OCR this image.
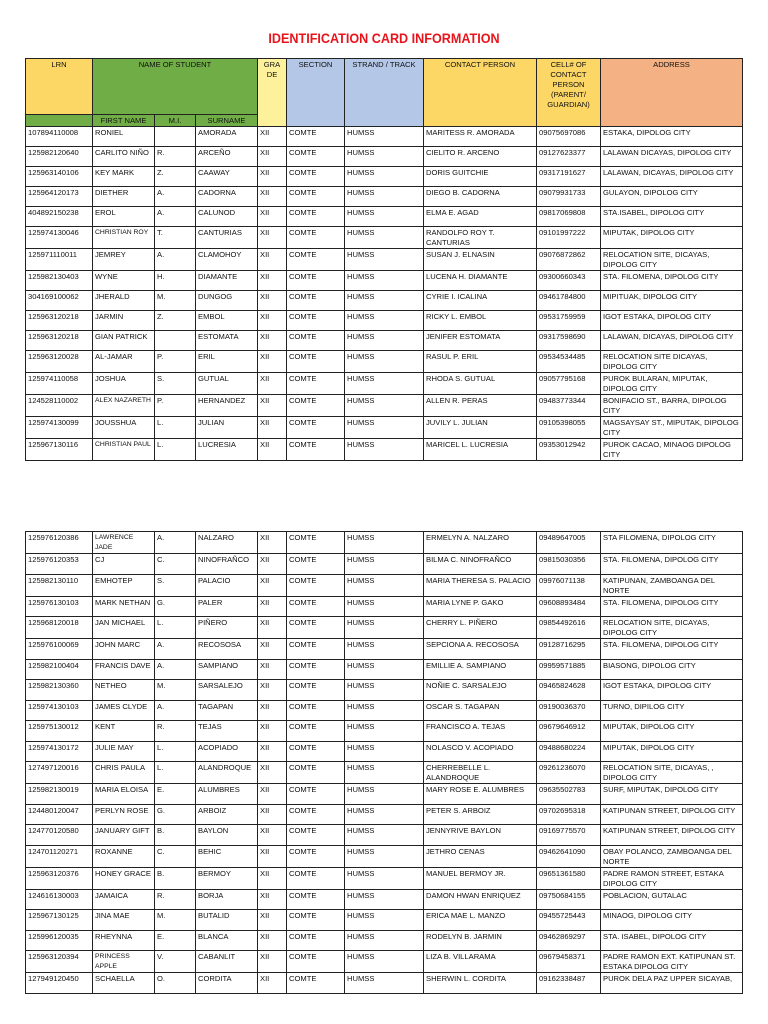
IDENTIFICATION CARD INFORMATION
LRN	NAME OF STUDENT			GRA DE	SECTION	STRAND / TRACK	CONTACT PERSON	CELL# OF CONTACT PERSON (PARENT/ GUARDIAN)	ADDRESS
	FIRST NAME	M.I.	SURNAME						
107894110008	RONIEL		AMORADA	XII	COMTE	HUMSS	MARITESS R. AMORADA	09075697086	ESTAKA, DIPOLOG CITY
125982120640	CARLITO NIÑO	R.	ARCEÑO	XII	COMTE	HUMSS	CIELITO R. ARCENO	09127623377	LALAWAN DICAYAS, DIPOLOG CITY
125963140106	KEY MARK	Z.	CAAWAY	XII	COMTE	HUMSS	DORIS GUITCHIE	09317191627	LALAWAN, DICAYAS, DIPOLOG CITY
125964120173	DIETHER	A.	CADORNA	XII	COMTE	HUMSS	DIEGO B. CADORNA	09079931733	GULAYON, DIPOLOG CITY
404892150238	EROL	A.	CALUNOD	XII	COMTE	HUMSS	ELMA E. AGAD	09817069808	STA.ISABEL, DIPOLOG CITY
125974130046	CHRISTIAN ROY	T.	CANTURIAS	XII	COMTE	HUMSS	RANDOLFO ROY T. CANTURIAS	09101997222	MIPUTAK, DIPOLOG CITY
125971110011	JEMREY	A.	CLAMOHOY	XII	COMTE	HUMSS	SUSAN J. ELNASIN	09076872862	RELOCATION SITE, DICAYAS, DIPOLOG CITY
125982130403	WYNE	H.	DIAMANTE	XII	COMTE	HUMSS	LUCENA H. DIAMANTE	09300660343	STA. FILOMENA, DIPOLOG CITY
304169100062	JHERALD	M.	DUNGOG	XII	COMTE	HUMSS	CYRIE I. ICALINA	09461784800	MIPITUAK, DIPOLOG CITY
125963120218	JARMIN	Z.	EMBOL	XII	COMTE	HUMSS	RICKY L. EMBOL	09531759959	IGOT ESTAKA, DIPOLOG CITY
125963120218	GIAN PATRICK		ESTOMATA	XII	COMTE	HUMSS	JENIFER ESTOMATA	09317598690	LALAWAN, DICAYAS, DIPOLOG CITY
125963120028	AL-JAMAR	P.	ERIL	XII	COMTE	HUMSS	RASUL P. ERIL	09534534485	RELOCATION SITE DICAYAS, DIPOLOG CITY
125974110058	JOSHUA	S.	GUTUAL	XII	COMTE	HUMSS	RHODA S. GUTUAL	09057795168	PUROK BULARAN, MIPUTAK, DIPOLOG CITY
124528110002	ALEX NAZARETH	P.	HERNANDEZ	XII	COMTE	HUMSS	ALLEN R. PERAS	09483773344	BONIFACIO ST., BARRA, DIPOLOG CITY
125974130099	JOUSSHUA	L.	JULIAN	XII	COMTE	HUMSS	JUVILY L. JULIAN	09105398055	MAGSAYSAY ST., MIPUTAK, DIPOLOG CITY
125967130116	CHRISTIAN PAUL	L.	LUCRESIA	XII	COMTE	HUMSS	MARICEL L. LUCRESIA	09353012942	PUROK CACAO, MINAOG DIPOLOG CITY
125976120386	LAWRENCE JADE	A.	NALZARO	XII	COMTE	HUMSS	ERMELYN A. NALZARO	09489647005	STA FILOMENA, DIPOLOG CITY
125976120353	CJ	C.	NINOFRAÑCO	XII	COMTE	HUMSS	BILMA C. NINOFRAÑCO	09815030356	STA. FILOMENA, DIPOLOG CITY
125982130110	EMHOTEP	S.	PALACIO	XII	COMTE	HUMSS	MARIA THERESA S. PALACIO	09976071138	KATIPUNAN, ZAMBOANGA DEL NORTE
125976130103	MARK NETHAN	G.	PALER	XII	COMTE	HUMSS	MARIA LYNE P. GAKO	09608893484	STA. FILOMENA, DIPOLOG CITY
125968120018	JAN MICHAEL	L.	PIÑERO	XII	COMTE	HUMSS	CHERRY L. PIÑERO	09854492616	RELOCATION SITE, DICAYAS, DIPOLOG CITY
125976100069	JOHN MARC	A.	RECOSOSA	XII	COMTE	HUMSS	SEPCIONA A. RECOSOSA	09128716295	STA. FILOMENA, DIPOLOG CITY
125982100404	FRANCIS DAVE	A.	SAMPIANO	XII	COMTE	HUMSS	EMILLIE A. SAMPIANO	09959571885	BIASONG, DIPOLOG CITY
125982130360	NETHEO	M.	SARSALEJO	XII	COMTE	HUMSS	NOÑIE C. SARSALEJO	09465824628	IGOT ESTAKA, DIPOLOG CITY
125974130103	JAMES CLYDE	A.	TAGAPAN	XII	COMTE	HUMSS	OSCAR S. TAGAPAN	09190036370	TURNO, DIPILOG CITY
125975130012	KENT	R.	TEJAS	XII	COMTE	HUMSS	FRANCISCO A. TEJAS	09679646912	MIPUTAK, DIPOLOG CITY
125974130172	JULIE MAY	L.	ACOPIADO	XII	COMTE	HUMSS	NOLASCO V. ACOPIADO	09488680224	MIPUTAK, DIPOLOG CITY
127497120016	CHRIS PAULA	L.	ALANDROQUE	XII	COMTE	HUMSS	CHERREBELLE L. ALANDROQUE	09261236070	RELOCATION SITE, DICAYAS, , DIPOLOG CITY
125982130019	MARIA ELOISA	E.	ALUMBRES	XII	COMTE	HUMSS	MARY ROSE E. ALUMBRES	09635502783	SURF, MIPUTAK, DIPOLOG CITY
124480120047	PERLYN ROSE	G.	ARBOIZ	XII	COMTE	HUMSS	PETER S. ARBOIZ	09702695318	KATIPUNAN STREET, DIPOLOG CITY
124770120580	JANUARY GIFT	B.	BAYLON	XII	COMTE	HUMSS	JENNYRIVE BAYLON	09169775570	KATIPUNAN STREET, DIPOLOG CITY
124701120271	ROXANNE	C.	BEHIC	XII	COMTE	HUMSS	JETHRO CENAS	09462641090	OBAY POLANCO, ZAMBOANGA DEL NORTE
125963120376	HONEY GRACE	B.	BERMOY	XII	COMTE	HUMSS	MANUEL BERMOY JR.	09651361580	PADRE RAMON STREET, ESTAKA DIPOLOG CITY
124616130003	JAMAICA	R.	BORJA	XII	COMTE	HUMSS	DAMON HWAN ENRIQUEZ	09750684155	POBLACION, GUTALAC
125967130125	JINA MAE	M.	BUTALID	XII	COMTE	HUMSS	ERICA MAE L. MANZO	09455725443	MINAOG, DIPOLOG CITY
125996120035	RHEYNNA	E.	BLANCA	XII	COMTE	HUMSS	RODELYN B. JARMIN	09462869297	STA. ISABEL, DIPOLOG CITY
125963120394	PRINCESS APPLE	V.	CABANLIT	XII	COMTE	HUMSS	LIZA B. VILLARAMA	09679458371	PADRE RAMON EXT. KATIPUNAN ST. ESTAKA DIPOLOG CITY
127949120450	SCHAELLA	O.	CORDITA	XII	COMTE	HUMSS	SHERWIN L. CORDITA	09162338487	PUROK DELA PAZ UPPER SICAYAB,
